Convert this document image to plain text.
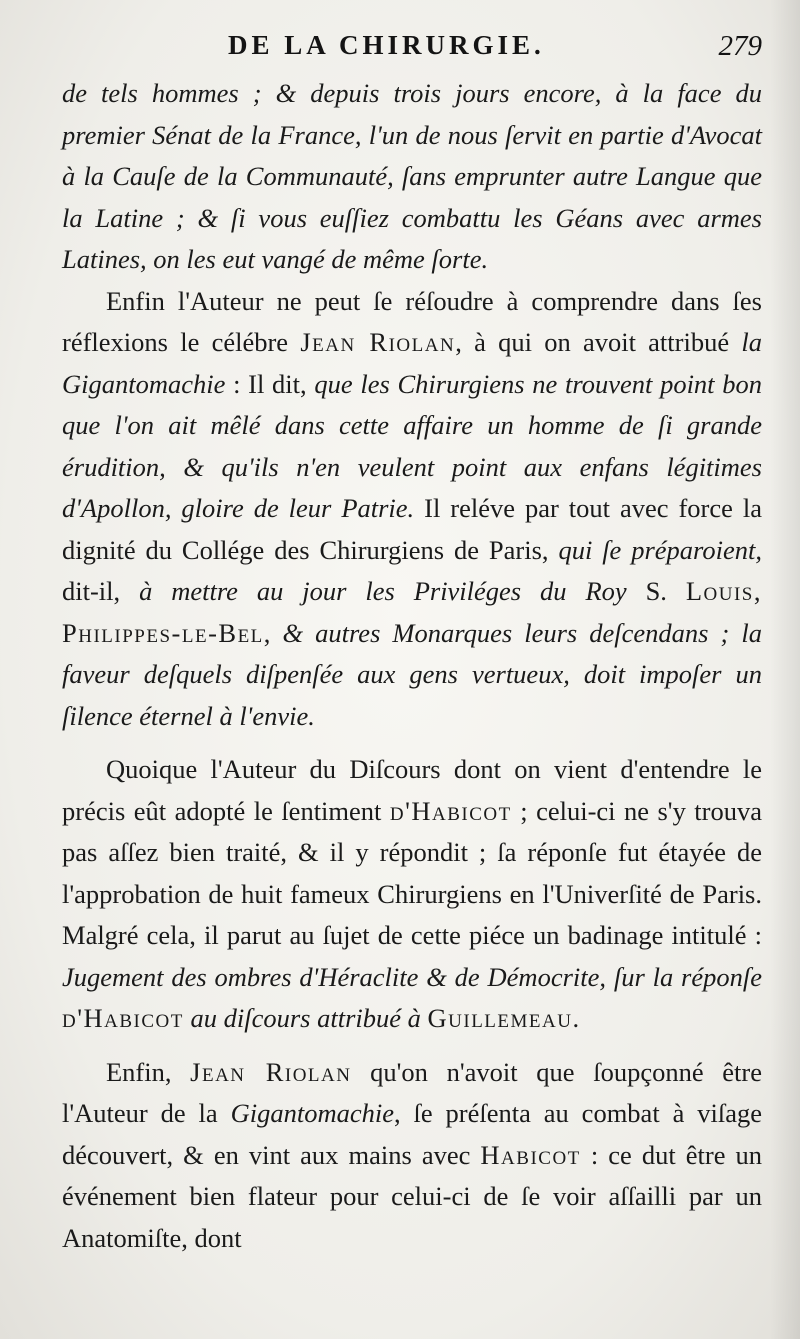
DE LA CHIRURGIE.	279

de tels hommes ; & depuis trois jours encore, à la face du premier Sénat de la France, l'un de nous ſervit en partie d'Avocat à la Cauſe de la Communauté, ſans emprunter autre Langue que la Latine ; & ſi vous euſſiez combattu les Géans avec armes Latines, on les eut vangé de même ſorte.

Enfin l'Auteur ne peut ſe réſoudre à comprendre dans ſes réflexions le célébre Jean Riolan, à qui on avoit attribué la Gigantomachie : Il dit, que les Chirurgiens ne trouvent point bon que l'on ait mêlé dans cette affaire un homme de ſi grande érudition, & qu'ils n'en veulent point aux enfans légitimes d'Apollon, gloire de leur Patrie. Il reléve par tout avec force la dignité du Collége des Chirurgiens de Paris, qui ſe préparoient, dit-il, à mettre au jour les Priviléges du Roy S. Louis, Philippes-le-Bel, & autres Monarques leurs deſcendans ; la faveur deſquels diſpenſée aux gens vertueux, doit impoſer un ſilence éternel à l'envie.

Quoique l'Auteur du Diſcours dont on vient d'entendre le précis eût adopté le ſentiment d'Habicot ; celui-ci ne s'y trouva pas aſſez bien traité, & il y répondit ; ſa réponſe fut étayée de l'approbation de huit fameux Chirurgiens en l'Univerſité de Paris. Malgré cela, il parut au ſujet de cette piéce un badinage intitulé : Jugement des ombres d'Héraclite & de Démocrite, ſur la réponſe d'Habicot au diſcours attribué à Guillemeau.

Enfin, Jean Riolan qu'on n'avoit que ſoupçonné être l'Auteur de la Gigantomachie, ſe préſenta au combat à viſage découvert, & en vint aux mains avec Habicot : ce dut être un événement bien flateur pour celui-ci de ſe voir aſſailli par un Anatomiſte, dont
